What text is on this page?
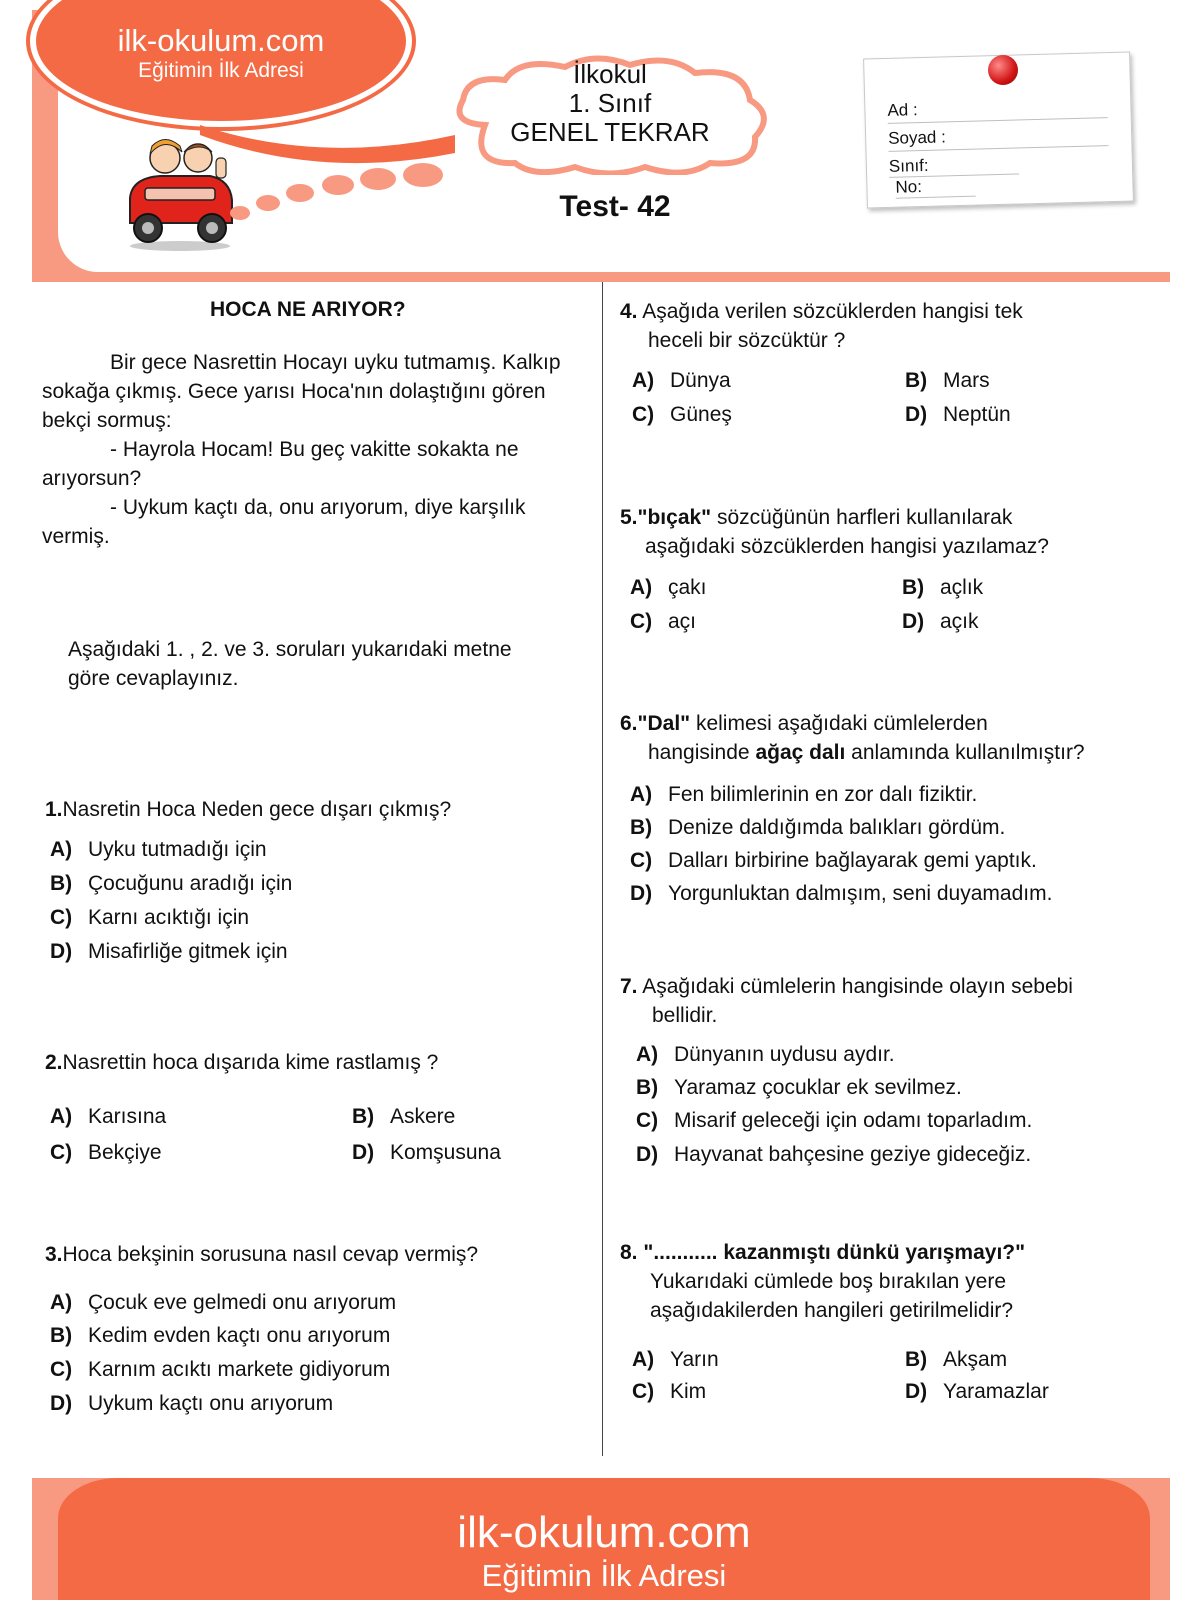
ilk-okulum.com
Eğitimin İlk Adresi	İlkokul
1. Sınıf
GENEL TEKRAR
Test- 42
Ad :
Soyad :
Sınıf: No:
HOCA NE ARIYOR?
Bir gece Nasrettin Hocayı uyku tutmamış. Kalkıp sokağa çıkmış. Gece yarısı Hoca'nın dolaştığını gören bekçi sormuş:
- Hayrola Hocam! Bu geç vakitte sokakta ne arıyorsun?
- Uykum kaçtı da, onu arıyorum, diye karşılık vermiş.
Aşağıdaki 1. , 2. ve 3. soruları yukarıdaki metne göre cevaplayınız.
1.Nasretin Hoca Neden gece dışarı çıkmış?
A) Uyku tutmadığı için
B) Çocuğunu aradığı için
C) Karnı acıktığı için
D) Misafirliğe gitmek için
2.Nasrettin hoca dışarıda kime rastlamış ?
A) Karısına	B) Askere
C) Bekçiye	D) Komşusuna
3.Hoca bekşinin sorusuna nasıl cevap vermiş?
A) Çocuk eve gelmedi onu arıyorum
B) Kedim evden kaçtı onu arıyorum
C) Karnım acıktı markete gidiyorum
D) Uykum kaçtı onu arıyorum
4. Aşağıda verilen sözcüklerden hangisi tek
heceli bir sözcüktür ?
A) Dünya	B) Mars
C) Güneş	D) Neptün
5."bıçak" sözcüğünün harfleri kullanılarak
aşağıdaki sözcüklerden hangisi yazılamaz?
A) çakı	B) açlık
C) açı	D) açık
6."Dal" kelimesi aşağıdaki cümlelerden
hangisinde ağaç dalı anlamında kullanılmıştır?
A) Fen bilimlerinin en zor dalı fiziktir.
B) Denize daldığımda balıkları gördüm.
C) Dalları birbirine bağlayarak gemi yaptık.
D) Yorgunluktan dalmışım, seni duyamadım.
7. Aşağıdaki cümlelerin hangisinde olayın sebebi
bellidir.
A) Dünyanın uydusu aydır.
B) Yaramaz çocuklar ek sevilmez.
C) Misarif geleceği için odamı toparladım.
D) Hayvanat bahçesine geziye gideceğiz.
8. "........... kazanmıştı dünkü yarışmayı?"
Yukarıdaki cümlede boş bırakılan yere
aşağıdakilerden hangileri getirilmelidir?
A) Yarın	B) Akşam
C) Kim	D) Yaramazlar
ilk-okulum.com
Eğitimin İlk Adresi
